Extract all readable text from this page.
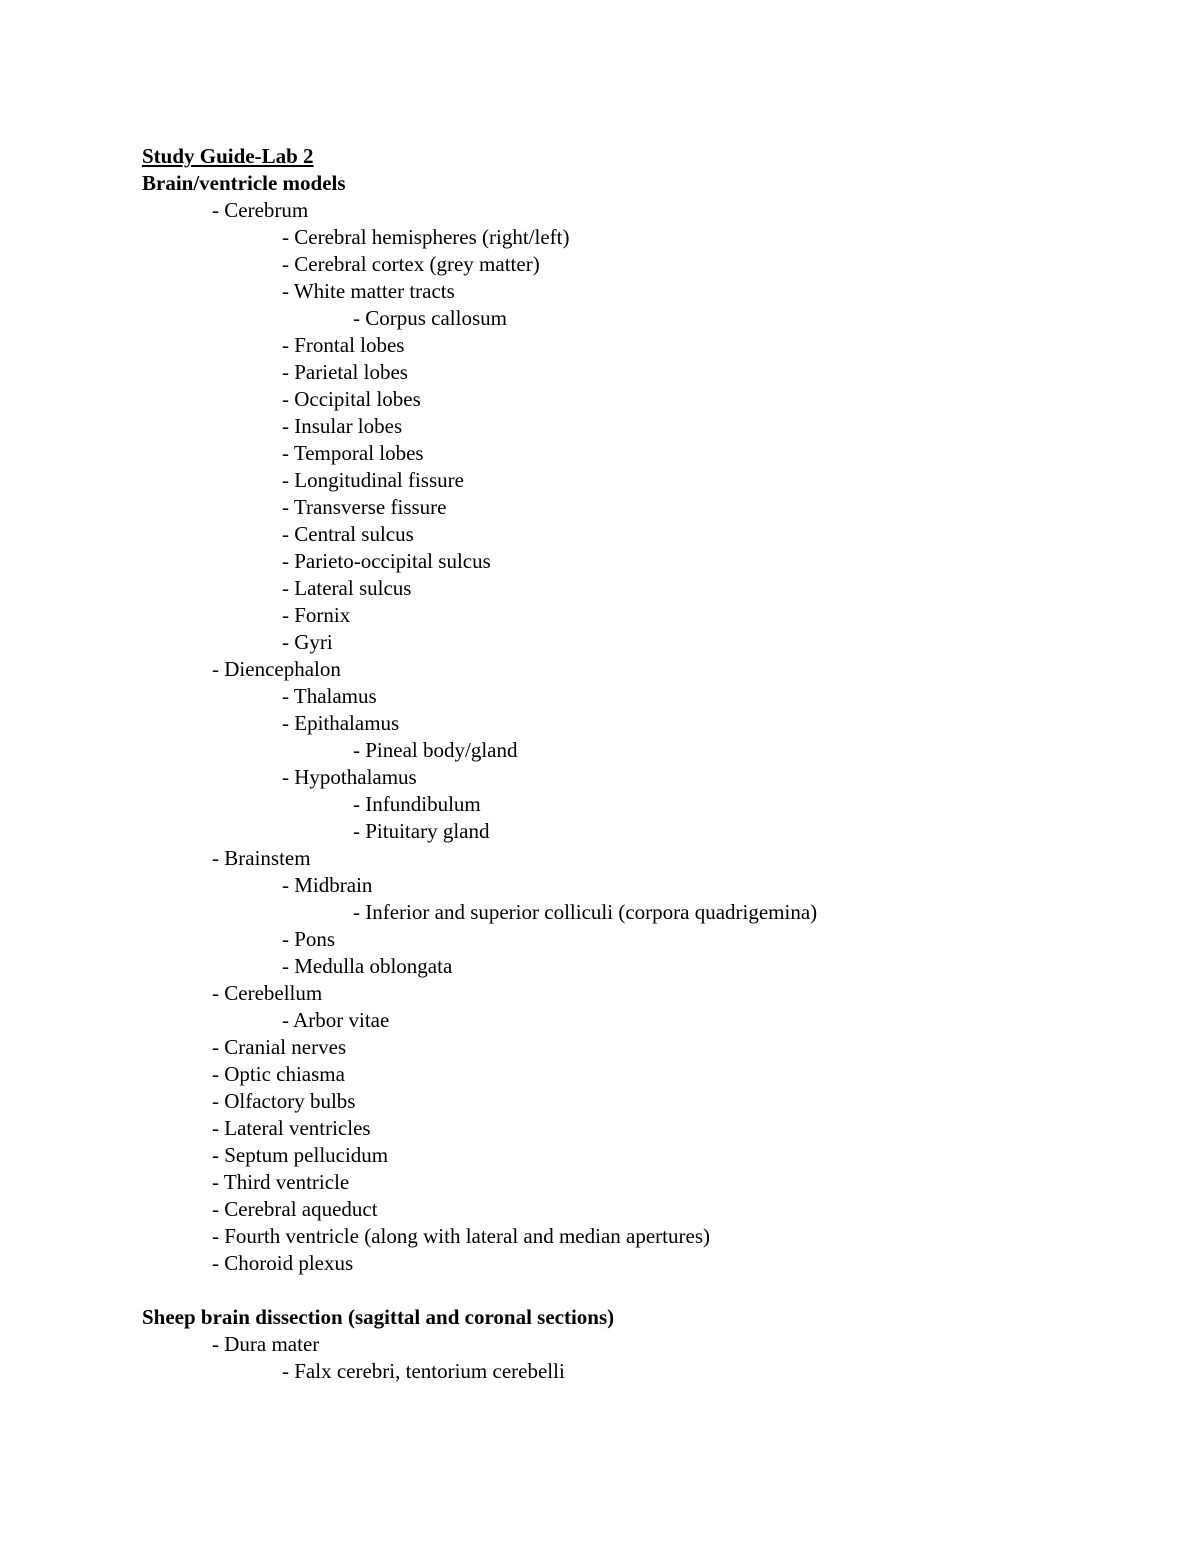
Study Guide-Lab 2
Brain/ventricle models
- Cerebrum
- Cerebral hemispheres (right/left)
- Cerebral cortex (grey matter)
- White matter tracts
- Corpus callosum
- Frontal lobes
- Parietal lobes
- Occipital lobes
- Insular lobes
- Temporal lobes
- Longitudinal fissure
- Transverse fissure
- Central sulcus
- Parieto-occipital sulcus
- Lateral sulcus
- Fornix
- Gyri
- Diencephalon
- Thalamus
- Epithalamus
- Pineal body/gland
- Hypothalamus
- Infundibulum
- Pituitary gland
- Brainstem
- Midbrain
- Inferior and superior colliculi (corpora quadrigemina)
- Pons
- Medulla oblongata
- Cerebellum
- Arbor vitae
- Cranial nerves
- Optic chiasma
- Olfactory bulbs
- Lateral ventricles
- Septum pellucidum
- Third ventricle
- Cerebral aqueduct
- Fourth ventricle (along with lateral and median apertures)
- Choroid plexus
Sheep brain dissection (sagittal and coronal sections)
- Dura mater
- Falx cerebri, tentorium cerebelli
